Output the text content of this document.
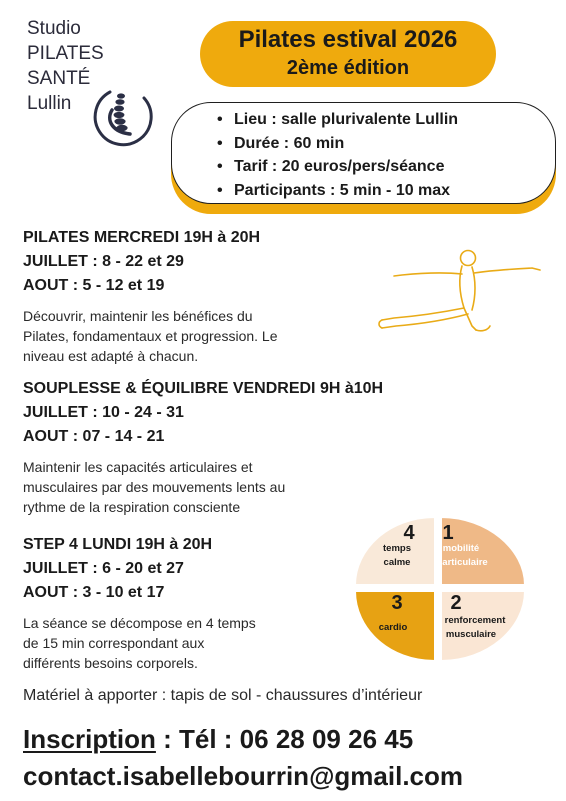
Studio
PILATES
SANTÉ
Lullin
Pilates estival 2026
2ème édition
• Lieu : salle plurivalente Lullin
• Durée : 60 min
• Tarif : 20 euros/pers/séance
• Participants : 5 min - 10 max
PILATES MERCREDI 19H à 20H
JUILLET : 8 - 22 et 29
AOUT : 5 - 12 et 19
Découvrir, maintenir les bénéfices du
Pilates, fondamentaux et progression. Le
niveau est adapté à chacun.
SOUPLESSE & ÉQUILIBRE VENDREDI 9H à10H
JUILLET : 10 - 24 - 31
AOUT : 07 - 14 - 21
Maintenir les capacités articulaires et
musculaires par des mouvements lents au
rythme de la respiration consciente
STEP 4 LUNDI 19H à 20H
JUILLET : 6 - 20 et 27
AOUT : 3 - 10 et 17
La séance se décompose en 4 temps
de 15 min correspondant aux
différents besoins corporels.
4
temps
calme
1
mobilité
articulaire
3
cardio
2
renforcement
musculaire
Matériel à apporter : tapis de sol - chaussures d’intérieur
Inscription : Tél : 06 28 09 26 45
contact.isabellebourrin@gmail.com
